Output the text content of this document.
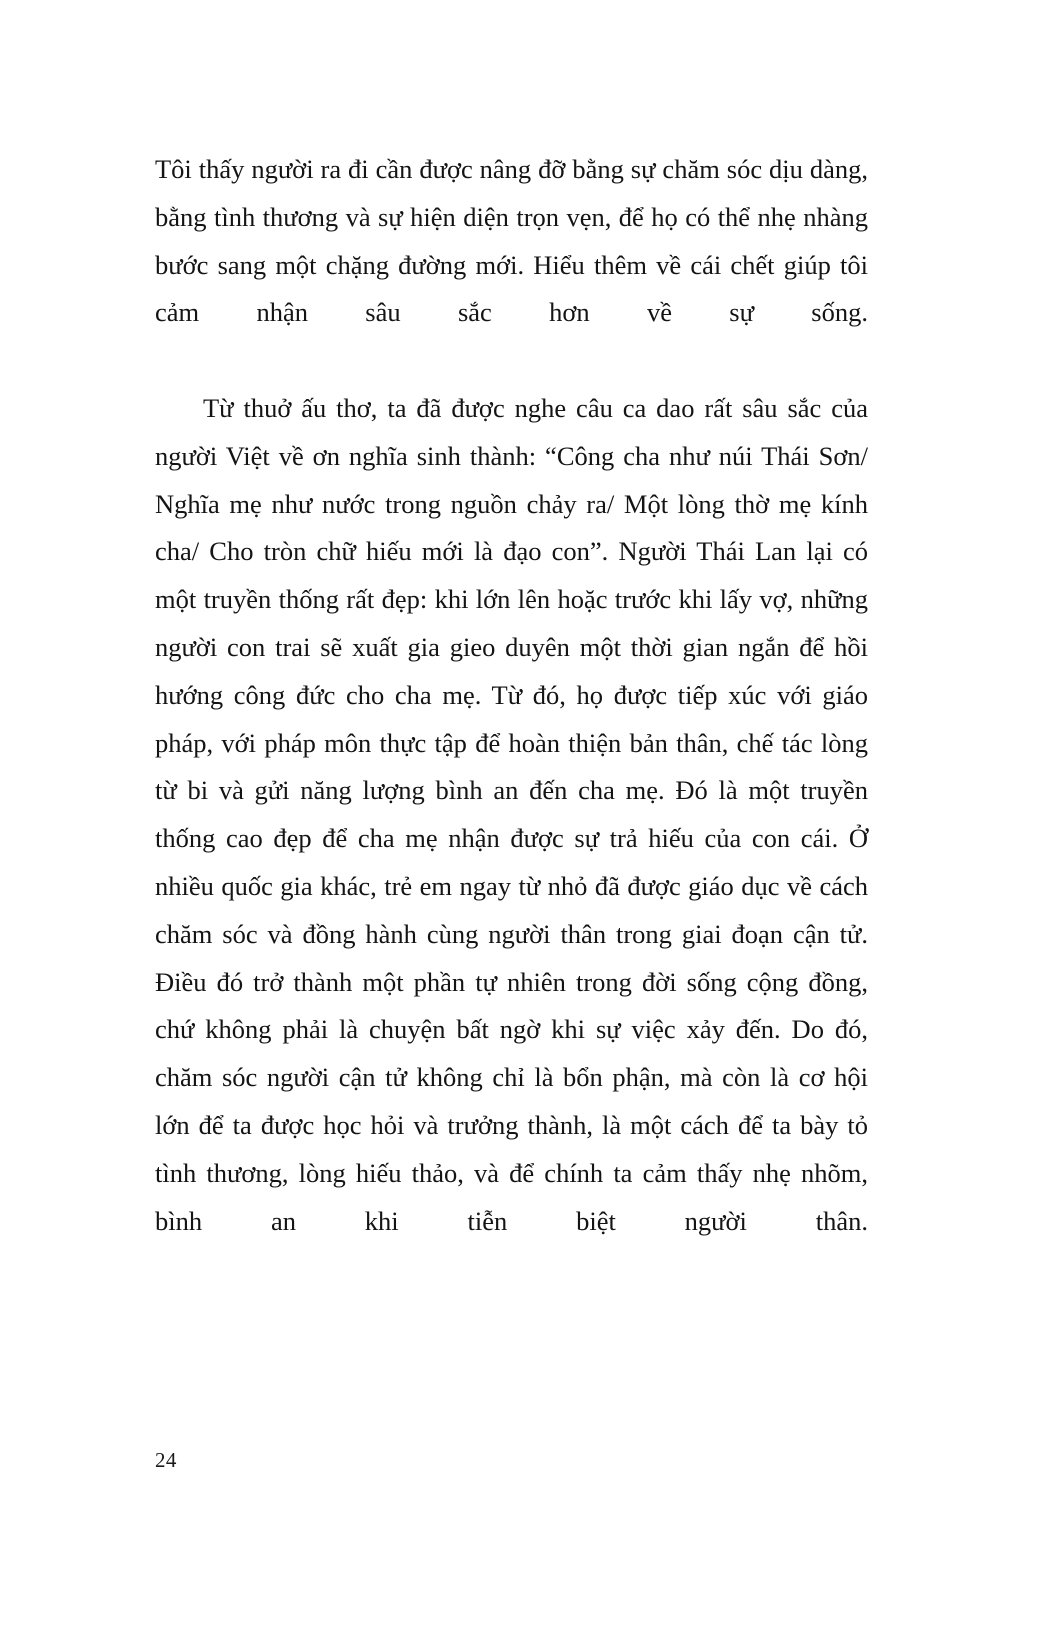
Tôi thấy người ra đi cần được nâng đỡ bằng sự chăm sóc dịu dàng, bằng tình thương và sự hiện diện trọn vẹn, để họ có thể nhẹ nhàng bước sang một chặng đường mới. Hiểu thêm về cái chết giúp tôi cảm nhận sâu sắc hơn về sự sống.

Từ thuở ấu thơ, ta đã được nghe câu ca dao rất sâu sắc của người Việt về ơn nghĩa sinh thành: “Công cha như núi Thái Sơn/ Nghĩa mẹ như nước trong nguồn chảy ra/ Một lòng thờ mẹ kính cha/ Cho tròn chữ hiếu mới là đạo con”. Người Thái Lan lại có một truyền thống rất đẹp: khi lớn lên hoặc trước khi lấy vợ, những người con trai sẽ xuất gia gieo duyên một thời gian ngắn để hồi hướng công đức cho cha mẹ. Từ đó, họ được tiếp xúc với giáo pháp, với pháp môn thực tập để hoàn thiện bản thân, chế tác lòng từ bi và gửi năng lượng bình an đến cha mẹ. Đó là một truyền thống cao đẹp để cha mẹ nhận được sự trả hiếu của con cái. Ở nhiều quốc gia khác, trẻ em ngay từ nhỏ đã được giáo dục về cách chăm sóc và đồng hành cùng người thân trong giai đoạn cận tử. Điều đó trở thành một phần tự nhiên trong đời sống cộng đồng, chứ không phải là chuyện bất ngờ khi sự việc xảy đến. Do đó, chăm sóc người cận tử không chỉ là bổn phận, mà còn là cơ hội lớn để ta được học hỏi và trưởng thành, là một cách để ta bày tỏ tình thương, lòng hiếu thảo, và để chính ta cảm thấy nhẹ nhõm, bình an khi tiễn biệt người thân.

24
